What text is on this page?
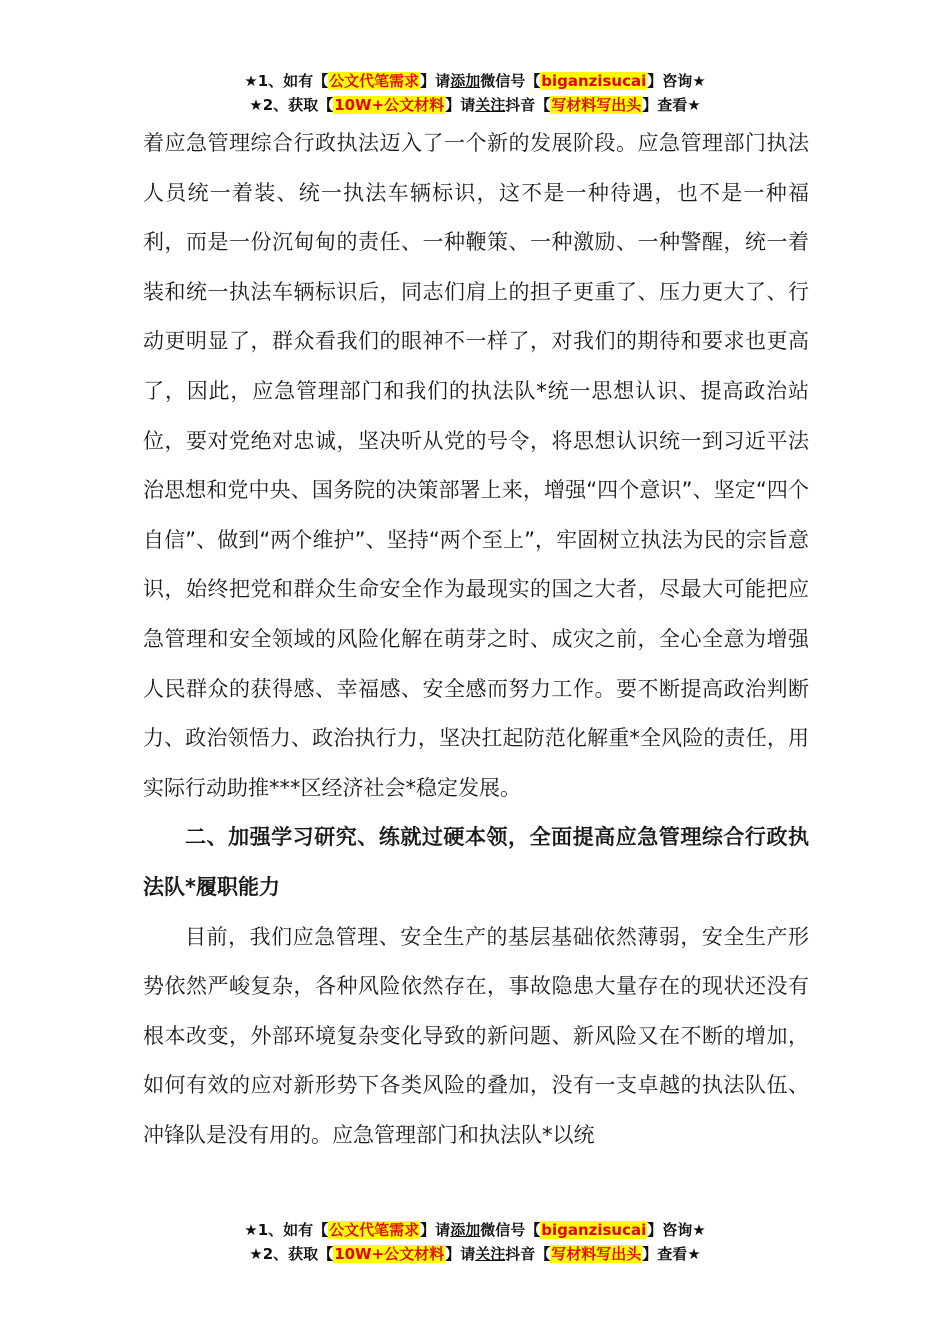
★1、如有【公文代笔需求】请添加微信号【biganzisucai】咨询★
★2、获取【10W+公文材料】请关注抖音【写材料写出头】查看★

着应急管理综合行政执法迈入了一个新的发展阶段。应急管理部门执法人员统一着装、统一执法车辆标识，这不是一种待遇，也不是一种福利，而是一份沉甸甸的责任、一种鞭策、一种激励、一种警醒，统一着装和统一执法车辆标识后，同志们肩上的担子更重了、压力更大了、行动更明显了，群众看我们的眼神不一样了，对我们的期待和要求也更高了，因此，应急管理部门和我们的执法队*统一思想认识、提高政治站位，要对党绝对忠诚，坚决听从党的号令，将思想认识统一到习近平法治思想和党中央、国务院的决策部署上来，增强“四个意识”、坚定“四个自信”、做到“两个维护”、坚持“两个至上”，牢固树立执法为民的宗旨意识，始终把党和群众生命安全作为最现实的国之大者，尽最大可能把应急管理和安全领域的风险化解在萌芽之时、成灾之前，全心全意为增强人民群众的获得感、幸福感、安全感而努力工作。要不断提高政治判断力、政治领悟力、政治执行力，坚决扛起防范化解重*全风险的责任，用实际行动助推***区经济社会*稳定发展。

二、加强学习研究、练就过硬本领，全面提高应急管理综合行政执法队*履职能力

目前，我们应急管理、安全生产的基层基础依然薄弱，安全生产形势依然严峻复杂，各种风险依然存在，事故隐患大量存在的现状还没有根本改变，外部环境复杂变化导致的新问题、新风险又在不断的增加，如何有效的应对新形势下各类风险的叠加，没有一支卓越的执法队伍、冲锋队是没有用的。应急管理部门和执法队*以统

★1、如有【公文代笔需求】请添加微信号【biganzisucai】咨询★
★2、获取【10W+公文材料】请关注抖音【写材料写出头】查看★
